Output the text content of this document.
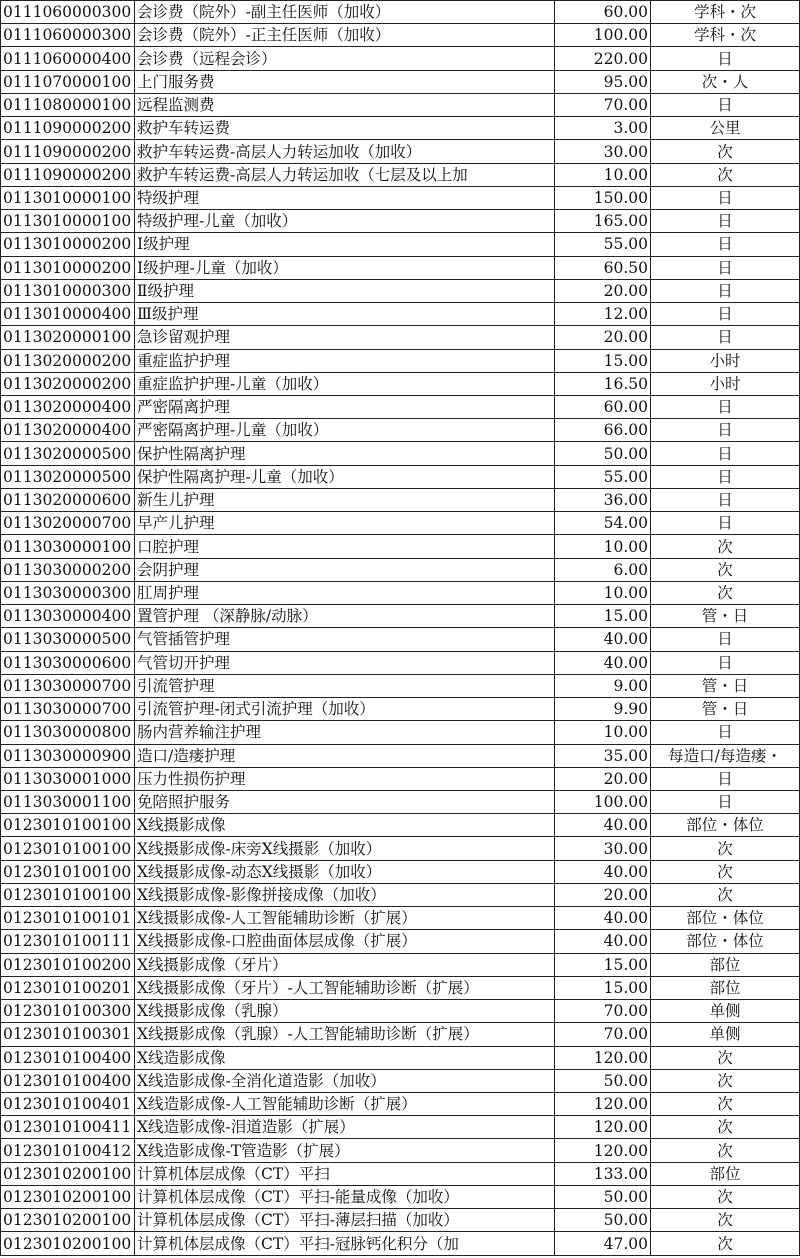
0111060000300	会诊费（院外）-副主任医师（加收）	60.00	学科・次
0111060000300	会诊费（院外）-正主任医师（加收）	100.00	学科・次
0111060000400	会诊费（远程会诊）	220.00	日
0111070000100	上门服务费	95.00	次・人
0111080000100	远程监测费	70.00	日
0111090000200	救护车转运费	3.00	公里
0111090000200	救护车转运费-高层人力转运加收（加收）	30.00	次
0111090000200	救护车转运费-高层人力转运加收（七层及以上加	10.00	次
0113010000100	特级护理	150.00	日
0113010000100	特级护理-儿童（加收）	165.00	日
0113010000200	Ⅰ级护理	55.00	日
0113010000200	Ⅰ级护理-儿童（加收）	60.50	日
0113010000300	Ⅱ级护理	20.00	日
0113010000400	Ⅲ级护理	12.00	日
0113020000100	急诊留观护理	20.00	日
0113020000200	重症监护护理	15.00	小时
0113020000200	重症监护护理-儿童（加收）	16.50	小时
0113020000400	严密隔离护理	60.00	日
0113020000400	严密隔离护理-儿童（加收）	66.00	日
0113020000500	保护性隔离护理	50.00	日
0113020000500	保护性隔离护理-儿童（加收）	55.00	日
0113020000600	新生儿护理	36.00	日
0113020000700	早产儿护理	54.00	日
0113030000100	口腔护理	10.00	次
0113030000200	会阴护理	6.00	次
0113030000300	肛周护理	10.00	次
0113030000400	置管护理 （深静脉/动脉）	15.00	管・日
0113030000500	气管插管护理	40.00	日
0113030000600	气管切开护理	40.00	日
0113030000700	引流管护理	9.00	管・日
0113030000700	引流管护理-闭式引流护理（加收）	9.90	管・日
0113030000800	肠内营养输注护理	10.00	日
0113030000900	造口/造瘘护理	35.00	每造口/每造瘘・
0113030001000	压力性损伤护理	20.00	日
0113030001100	免陪照护服务	100.00	日
0123010100100	X线摄影成像	40.00	部位・体位
0123010100100	X线摄影成像-床旁X线摄影（加收）	30.00	次
0123010100100	X线摄影成像-动态X线摄影（加收）	40.00	次
0123010100100	X线摄影成像-影像拼接成像（加收）	20.00	次
0123010100101	X线摄影成像-人工智能辅助诊断（扩展）	40.00	部位・体位
0123010100111	X线摄影成像-口腔曲面体层成像（扩展）	40.00	部位・体位
0123010100200	X线摄影成像（牙片）	15.00	部位
0123010100201	X线摄影成像（牙片）-人工智能辅助诊断（扩展）	15.00	部位
0123010100300	X线摄影成像（乳腺）	70.00	单侧
0123010100301	X线摄影成像（乳腺）-人工智能辅助诊断（扩展）	70.00	单侧
0123010100400	X线造影成像	120.00	次
0123010100400	X线造影成像-全消化道造影（加收）	50.00	次
0123010100401	X线造影成像-人工智能辅助诊断（扩展）	120.00	次
0123010100411	X线造影成像-泪道造影（扩展）	120.00	次
0123010100412	X线造影成像-T管造影（扩展）	120.00	次
0123010200100	计算机体层成像（CT）平扫	133.00	部位
0123010200100	计算机体层成像（CT）平扫-能量成像（加收）	50.00	次
0123010200100	计算机体层成像（CT）平扫-薄层扫描（加收）	50.00	次
0123010200100	计算机体层成像（CT）平扫-冠脉钙化积分（加	47.00	次
